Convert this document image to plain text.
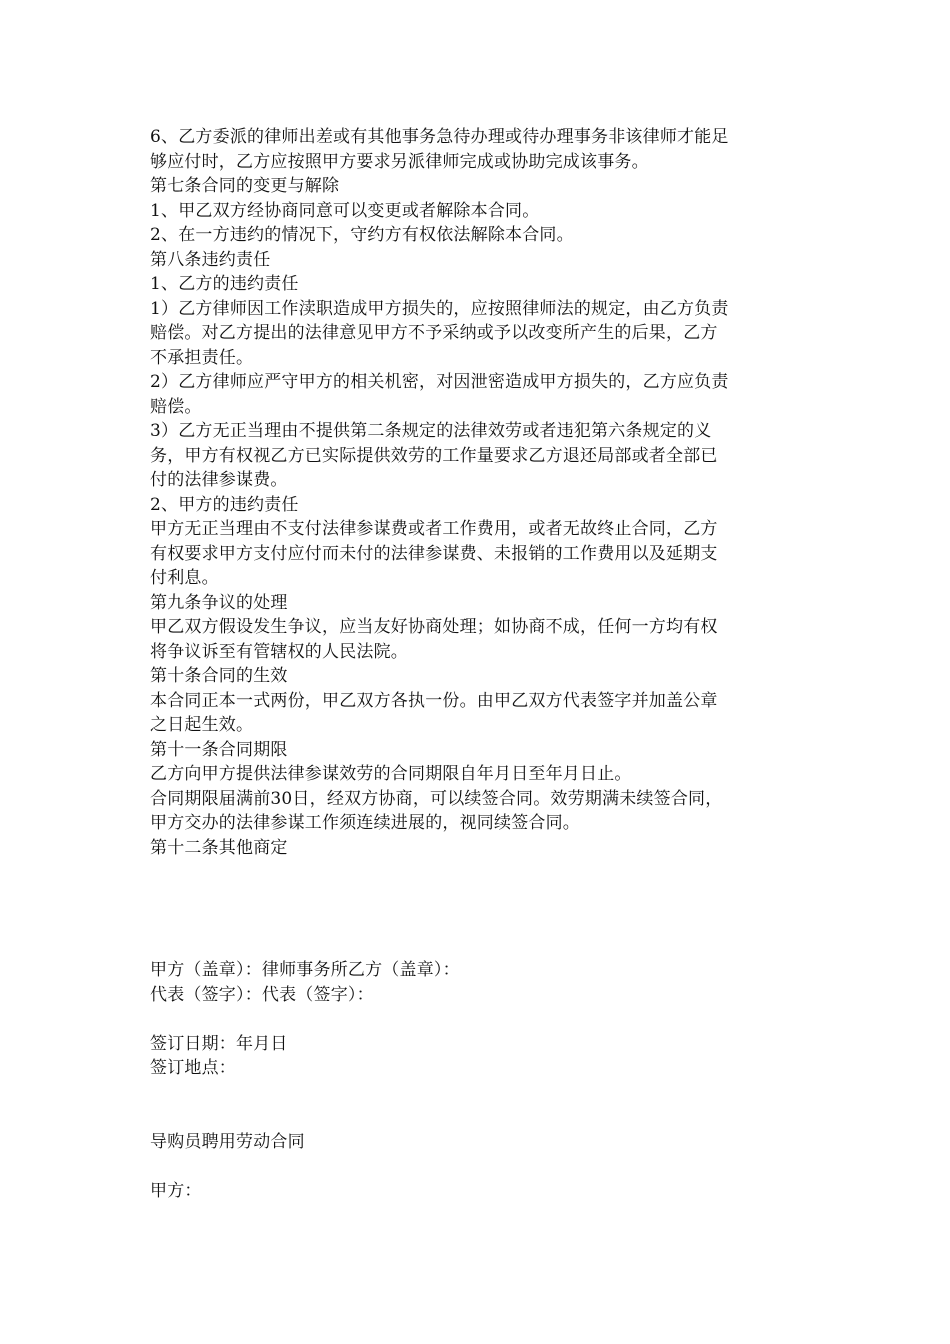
6、乙方委派的律师出差或有其他事务急待办理或待办理事务非该律师才能足
够应付时，乙方应按照甲方要求另派律师完成或协助完成该事务。
第七条合同的变更与解除
1、甲乙双方经协商同意可以变更或者解除本合同。
2、在一方违约的情况下，守约方有权依法解除本合同。
第八条违约责任
1、乙方的违约责任
1）乙方律师因工作渎职造成甲方损失的，应按照律师法的规定，由乙方负责
赔偿。对乙方提出的法律意见甲方不予采纳或予以改变所产生的后果，乙方
不承担责任。
2）乙方律师应严守甲方的相关机密，对因泄密造成甲方损失的，乙方应负责
赔偿。
3）乙方无正当理由不提供第二条规定的法律效劳或者违犯第六条规定的义
务，甲方有权视乙方已实际提供效劳的工作量要求乙方退还局部或者全部已
付的法律参谋费。
2、甲方的违约责任
甲方无正当理由不支付法律参谋费或者工作费用，或者无故终止合同，乙方
有权要求甲方支付应付而未付的法律参谋费、未报销的工作费用以及延期支
付利息。
第九条争议的处理
甲乙双方假设发生争议，应当友好协商处理；如协商不成，任何一方均有权
将争议诉至有管辖权的人民法院。
第十条合同的生效
本合同正本一式两份，甲乙双方各执一份。由甲乙双方代表签字并加盖公章
之日起生效。
第十一条合同期限
乙方向甲方提供法律参谋效劳的合同期限自年月日至年月日止。
合同期限届满前30日，经双方协商，可以续签合同。效劳期满未续签合同，
甲方交办的法律参谋工作须连续进展的，视同续签合同。
第十二条其他商定
甲方（盖章）：律师事务所乙方（盖章）：
代表（签字）：代表（签字）：
签订日期：年月日
签订地点：
导购员聘用劳动合同
甲方：
